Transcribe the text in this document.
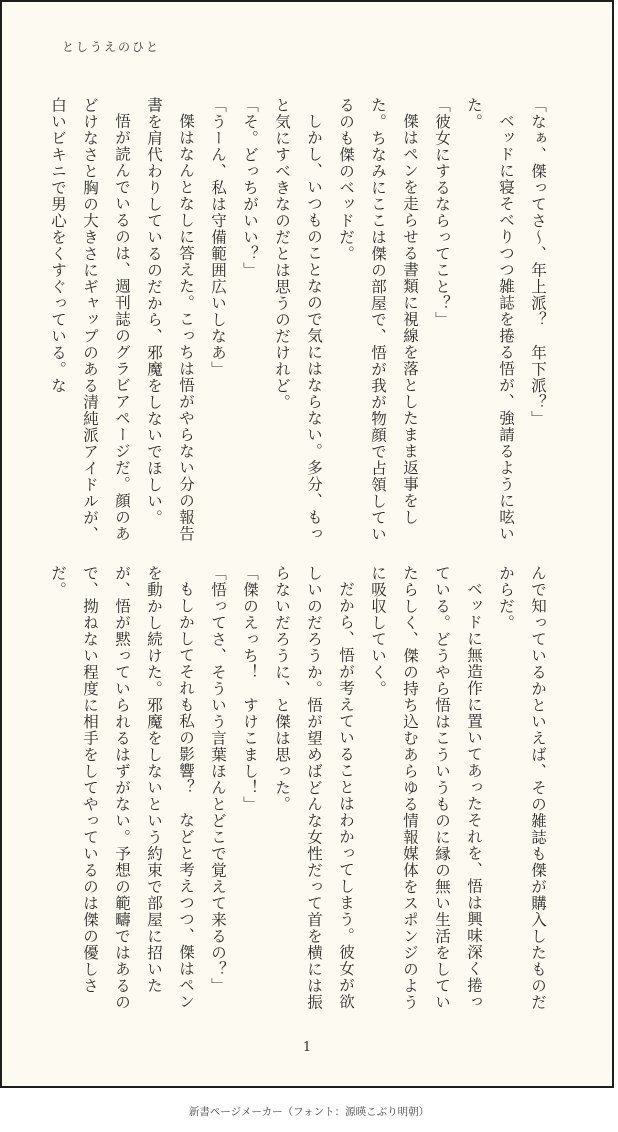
としうえのひと

「なぁ、傑ってさ〜、年上派？　年下派？」

ベッドに寝そべりつつ雑誌を捲る悟が、強請るように呟いた。

「彼女にするならってこと？」

傑はペンを走らせる書類に視線を落としたまま返事をした。ちなみにここは傑の部屋で、悟が我が物顔で占領しているのも傑のベッドだ。

しかし、いつものことなので気にはならない。多分、もっと気にすべきなのだとは思うのだけれど。

「そ。どっちがいい？」

「うーん、私は守備範囲広いしなあ」

傑はなんとなしに答えた。こっちは悟がやらない分の報告書を肩代わりしているのだから、邪魔をしないでほしい。

悟が読んでいるのは、週刊誌のグラビアページだ。顔のあどけなさと胸の大きさにギャップのある清純派アイドルが、白いビキニで男心をくすぐっている。な

んで知っているかといえば、その雑誌も傑が購入したものだからだ。

ベッドに無造作に置いてあったそれを、悟は興味深く捲っている。どうやら悟はこういうものに縁の無い生活をしていたらしく、傑の持ち込むあらゆる情報媒体をスポンジのように吸収していく。

だから、悟が考えていることはわかってしまう。彼女が欲しいのだろうか。悟が望めばどんな女性だって首を横には振らないだろうに、と傑は思った。

「傑のえっち！　すけこまし！」

「悟ってさ、そういう言葉ほんとどこで覚えて来るの？」

もしかしてそれも私の影響？　などと考えつつ、傑はペンを動かし続けた。邪魔をしないという約束で部屋に招いたが、悟が黙っていられるはずがない。予想の範疇ではあるので、拗ねない程度に相手をしてやっているのは傑の優しさだ。

1
新書ページメーカー（フォント：源暎こぶり明朝）
